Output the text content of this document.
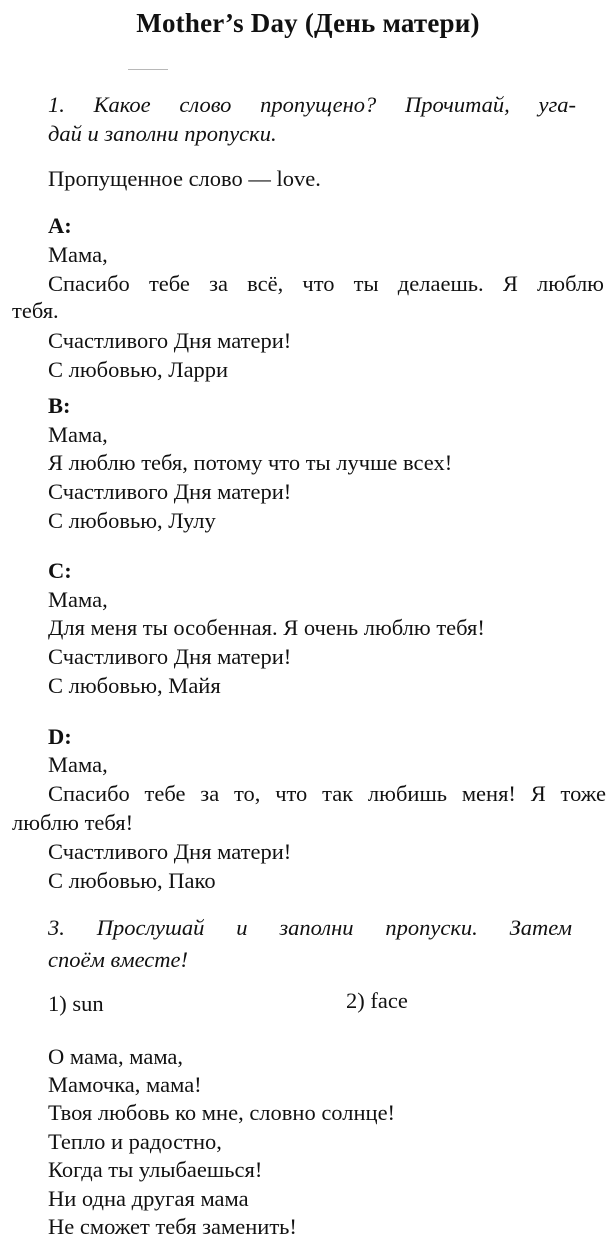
Mother’s Day (День матери)
1. Какое слово пропущено? Прочитай, уга-
дай и заполни пропуски.
Пропущенное слово — love.
A:
Мама,
Спасибо тебе за всё, что ты делаешь. Я люблю
тебя.
Счастливого Дня матери!
С любовью, Ларри
B:
Мама,
Я люблю тебя, потому что ты лучше всех!
Счастливого Дня матери!
С любовью, Лулу
C:
Мама,
Для меня ты особенная. Я очень люблю тебя!
Счастливого Дня матери!
С любовью, Майя
D:
Мама,
Спасибо тебе за то, что так любишь меня! Я тоже
люблю тебя!
Счастливого Дня матери!
С любовью, Пако
3. Прослушай и заполни пропуски. Затем
споём вместе!
1) sun	2) face
О мама, мама,
Мамочка, мама!
Твоя любовь ко мне, словно солнце!
Тепло и радостно,
Когда ты улыбаешься!
Ни одна другая мама
Не сможет тебя заменить!
